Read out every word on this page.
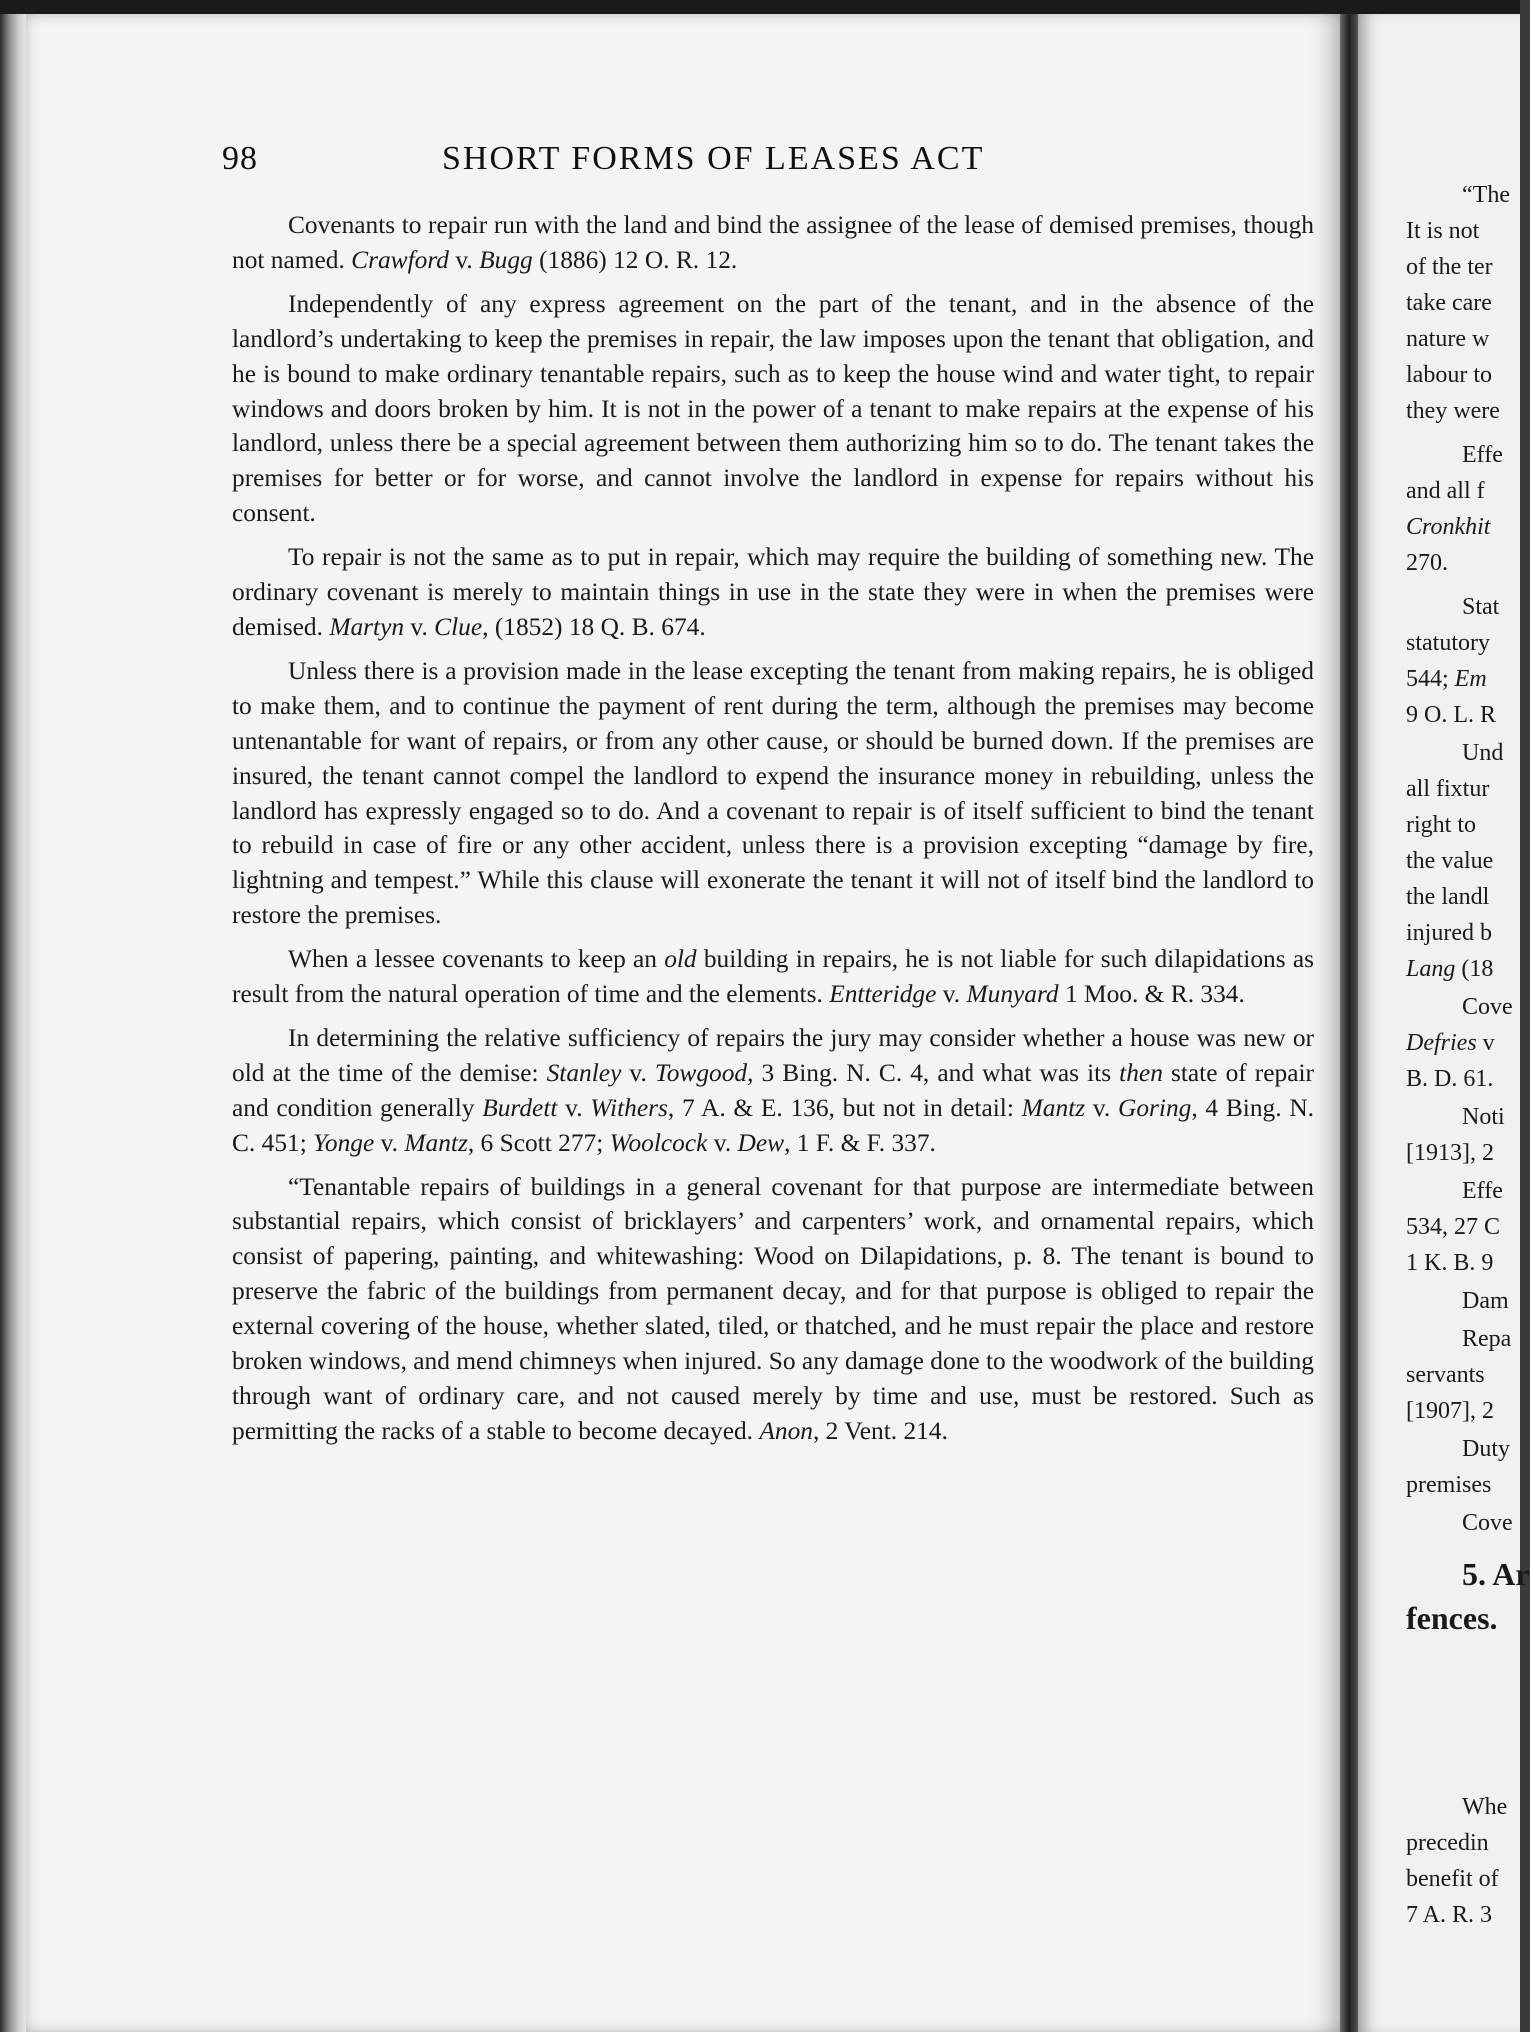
98	SHORT FORMS OF LEASES ACT

Covenants to repair run with the land and bind the assignee of the lease of demised premises, though not named. Crawford v. Bugg (1886) 12 O. R. 12.

Independently of any express agreement on the part of the tenant, and in the absence of the landlord’s undertaking to keep the premises in repair, the law imposes upon the tenant that obligation, and he is bound to make ordinary tenantable repairs, such as to keep the house wind and water tight, to repair windows and doors broken by him. It is not in the power of a tenant to make repairs at the expense of his landlord, unless there be a special agreement between them authorizing him so to do. The tenant takes the premises for better or for worse, and cannot involve the landlord in expense for repairs without his consent.

To repair is not the same as to put in repair, which may require the building of something new. The ordinary covenant is merely to maintain things in use in the state they were in when the premises were demised. Martyn v. Clue, (1852) 18 Q. B. 674.

Unless there is a provision made in the lease excepting the tenant from making repairs, he is obliged to make them, and to continue the payment of rent during the term, although the premises may become untenantable for want of repairs, or from any other cause, or should be burned down. If the premises are insured, the tenant cannot compel the landlord to expend the insurance money in rebuilding, unless the landlord has expressly engaged so to do. And a covenant to repair is of itself sufficient to bind the tenant to rebuild in case of fire or any other accident, unless there is a provision excepting “damage by fire, lightning and tempest.” While this clause will exonerate the tenant it will not of itself bind the landlord to restore the premises.

When a lessee covenants to keep an old building in repairs, he is not liable for such dilapidations as result from the natural operation of time and the elements. Entteridge v. Munyard 1 Moo. & R. 334.

In determining the relative sufficiency of repairs the jury may consider whether a house was new or old at the time of the demise: Stanley v. Towgood, 3 Bing. N. C. 4, and what was its then state of repair and condition generally Burdett v. Withers, 7 A. & E. 136, but not in detail: Mantz v. Goring, 4 Bing. N. C. 451; Yonge v. Mantz, 6 Scott 277; Woolcock v. Dew, 1 F. & F. 337.

“Tenantable repairs of buildings in a general covenant for that purpose are intermediate between substantial repairs, which consist of bricklayers’ and carpenters’ work, and ornamental repairs, which consist of papering, painting, and whitewashing: Wood on Dilapidations, p. 8. The tenant is bound to preserve the fabric of the buildings from permanent decay, and for that purpose is obliged to repair the external covering of the house, whether slated, tiled, or thatched, and he must repair the place and restore broken windows, and mend chimneys when injured. So any damage done to the woodwork of the building through want of ordinary care, and not caused merely by time and use, must be restored. Such as permitting the racks of a stable to become decayed. Anon, 2 Vent. 214.

“The
It is not
of the ter
take care
nature w
labour to
they were
Effe
and all f
Cronkhit
270.
Stat
statutory
544; Em
9 O. L. R
Und
all fixtur
right to
the value
the landl
injured b
Lang (18
Cove
Defries v
B. D. 61.
Noti
[1913], 2
Effe
534, 27 C
1 K. B. 9
Dam
Repa
servants
[1907], 2
Duty
premises
Cove
5. Ar
fences.
Whe
precedin
benefit of
7 A. R. 3
